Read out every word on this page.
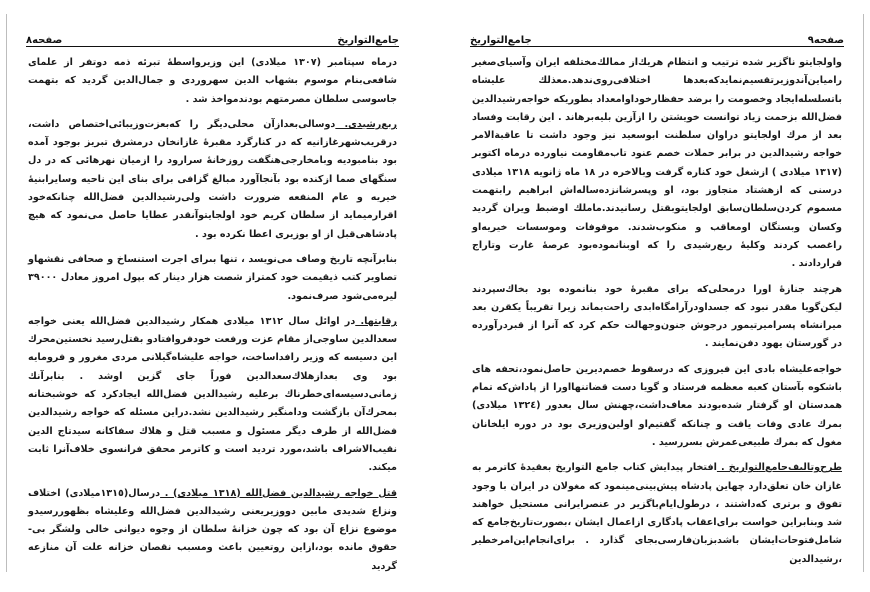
صفحه‌٨	جامع‌التواريخ

درماه سپتامبر (١٣٠٧ ميلادى) اين وزيرواسطهٔ تبرئه ذمه دوتفر از علماى شافعى‌بنام موسوم بشهاب الدين سهروردى و جمال‌الدين گرديد كه بتهمت جاسوسى سلطان مصرمتهم بودندمواخذ شد .

ربع‌رشيدى. دوسالى‌بعدازآن محلى‌ديگر را كه‌بعزت‌وزيبائى‌اختصاص داشت، درقريب‌شهرغازانيه كه در كنارگرد مقبرهٔ غازانخان درمشرق تبريز بوجود آمده بود بنامبوديه وبامخارجى‌هنگفت روزخانهٔ سرارود را ازميان نهرهائى كه در دل سنگهاى صما ازكنده بود بآنجاآورد مبالغ گزافى براى بناى اين ناحيه وسايرابنيهٔ خيريه و عام المنفعه ضرورت داشت ولى‌رشيدالدين فضل‌الله چنانكه‌خود اقرارميمايد از سلطان كريم خود اولجايتوآنقدر عطايا حاصل مى‌نمود كه هيچ پادشاهى‌قبل از او بوزيرى اعطا نكرده بود .

بنابر‌آنچه تاريخ وصاف مى‌نويسد ، تنها بىراى اجرت استنساخ و صحافى نقشهاو تصاوير كتب ذيقيمت خود كمتراز شصت هزار دينار كه بپول امروز معادل ٣٩٠٠٠ ليره‌مى‌شود صرف‌نمود.

رقابتها. در اوائل سال ١٣١٢ ميلادى همكار رشيدالدين فضل‌الله يعنى خواجه سعدالدين ساوجى‌از مقام عزت ورفعت خودفروافتادو بقتل‌رسيد نخستين‌محرك اين دسيسه كه وزير رافداساخت، خواجه عليشاه‌گيلانى مردى مغرور و فرومايه بود وى بعدازهلاك‌سعدالدين فوراً جاى گزين اوشد . بنابرآنك زمانى‌دسيسه‌اى‌خطرناك برعليه رشيدالدين فضل‌الله ايجادكرد كه خوشبختانه بمحرك‌آن بازگشت ودامنگير رشيدالدين نشد.دراين مسئله كه خواجه رشيدالدين فضل‌الله از طرف ديگر مسئول و مسبب قتل و هلاك سفاكانه سيدتاج الدين نقيب‌الاشراف باشد،مورد ترديد است و كاترمر محقق فرانسوى خلاف‌آنرا ثابت ميكند.

قتل خواجه رشيدالدين فضل‌الله (١٣١٨ ميلادى) . درسال(١٣١٥ميلادى) اختلاف ونزاع شديدى مابين دووزيريعنى رشيدالدين فضل‌الله وعليشاه بظهوررسيدو موضوع نزاع آن بود كه چون خزانهٔ سلطان از وجوه ديوانى خالى ولشگر بى- حقوق مانده بود،ازاين روتعيين باعث ومسبب نقصان خزانه علت آن منازعه گرديد

جامع‌التواريخ	صفحه‌٩

واولجايتو ناگزير شده ترتيب و انتظام هريك‌از ممالك‌مختلفه ايران وآسياى‌صغير رامياين‌آندوزيرتقسيم‌نمايدكه‌بعدها اختلافى‌روى‌ندهد.معذلك عليشاه باتسلسله‌ايجاد وخصومت را برضد حفظارخوداوامعداد بطوريكه خواجه‌رشيدالدين فضل‌الله بزحمت زياد توانست خويشتن را ازآزين بليه‌برهاند . اين رقابت وفساد بعد از مرك اولجايتو دراوان سلطنت ابوسعيد نيز وجود داشت تا عاقبةالامر خواجه رشيدالدين در برابر حملات خصم عنود تاب‌مقاومت نياورده درماه اكتوبر (١٣١٧ ميلادى ) ازشغل خود كناره گرفت وبالاخره در ١٨ ماه ژانويه ١٣١٨ ميلادى درسنى كه ازهشتاد متجاوز بود، او وپسرشانزده‌ساله‌اش ابراهيم رابتهمت مسموم كردن‌سلطان‌سابق اولجايتوبقتل رسانيدند.ماملك اوضبط ويران گرديد وكسان وبستگان اومعاقب و منكوب‌شدند. موقوفات وموسسات خيريه‌او راغصب كردند وكليهٔ ربع‌رشيدى را كه اوبنانموده‌بود عرصهٔ غارت وتاراج قراردادند .

هرچند جنازهٔ اورا درمحلى‌كه براى مقبرهٔ خود بنانموده بود بخاك‌سپردند ليكن‌گويا مقدر نبود كه جسداودرآرامگاه‌ابدى راحت‌بماند زيرا تقريباً يكقرن بعد ميرانشاه پسرامير‌تيمور درجوش جنون‌وجهالت حكم كرد كه آنرا از قبردرآورده در گورستان يهود دفن‌نمايند .

خواجه‌عليشاه بادى اين فيروزى كه درسقوط خصم‌ديرين حاصل‌نمود،تحفه هاى باشكوه بآستان كعبه معظمه فرستاد و گويا دست قضاتنهااورا از پاداش‌كه تمام همدستان او گرفتار شده‌بودند معاف‌داشت،چهنش سال بعدور (١٣٢٤ ميلادى) بمرك عادى وفات يافت و چنانكه گفتيم‌او اولين‌وزيرى بود در دوره ايلخانان مغول كه بمرك طبيعى‌عمرش بسررسيد .

طرح‌وتاليف‌جامع‌التواريخ . افتخار پيدايش كتاب جامع التواريخ بعقيدهٔ كاترمر به غازان خان تعلق‌دارد چهاين پادشاه پيش‌بينى‌مينمود كه مغولان در ايران با وجود تفوق و برترى كه‌داشتند ، درطول‌ايام‌باگزير در عنصرايرانى مستحيل خواهند شد وبنابراين خواست براى‌اعقاب پادگارى ازاعمال ايشان ،بصورت‌تاريخ‌جامع كه شامل‌فتوحات‌ايشان باشدبزبان‌فارسى‌بجاى گذارد . براى‌انجام‌اين‌امرخطير ،رشيدالدين
